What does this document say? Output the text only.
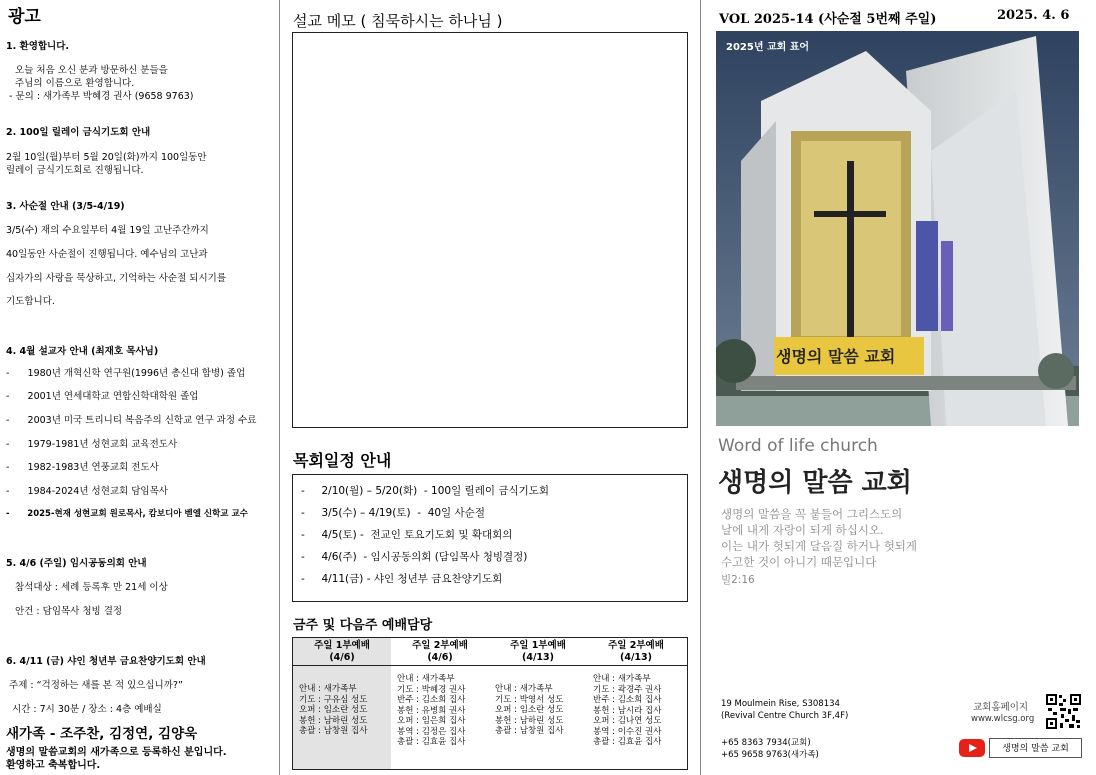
광고
1. 환영합니다.
오늘 처음 오신 분과 방문하신 분들을
주님의 이름으로 환영합니다.
- 문의 : 새가족부 박혜경 권사 (9658 9763)
2. 100일 릴레이 금식기도회 안내
2월 10일(월)부터 5월 20일(화)까지 100일동안
릴레이 금식기도회로 진행됩니다.
3. 사순절 안내 (3/5-4/19)
3/5(수) 재의 수요일부터 4월 19일 고난주간까지
40일동안 사순절이 진행됩니다. 예수님의 고난과
십자가의 사랑을 묵상하고, 기억하는 사순절 되시기를
기도합니다.
4. 4월 설교자 안내 (최재호 목사님)
-      1980년 개혁신학 연구원(1996년 총신대 합병) 졸업
-      2001년 연세대학교 연합신학대학원 졸업
-      2003년 미국 트리니티 복음주의 신학교 연구 과정 수료
-      1979-1981년 성현교회 교육전도사
-      1982-1983년 연풍교회 전도사
-      1984-2024년 성현교회 담임목사
-      2025-현재 성현교회 원로목사, 캄보디아 벧엘 신학교 교수
5. 4/6 (주일) 임시공동의회 안내
참석대상 : 세례 등록후 만 21세 이상
안건 : 담임목사 청빙 결정
6. 4/11 (금) 샤인 청년부 금요찬양기도회 안내
주제 : “걱정하는 새를 본 적 있으십니까?”
시간 : 7시 30분 / 장소 : 4층 예배실
새가족 - 조주찬, 김정연, 김양욱
생명의 말씀교회의 새가족으로 등록하신 분입니다.
환영하고 축복합니다.
설교 메모 ( 침묵하시는 하나님 )
목회일정 안내
-     2/10(월) – 5/20(화)  - 100일 릴레이 금식기도회
-     3/5(수) – 4/19(토)  -  40일 사순절
-     4/5(토) -  전교인 토요기도회 및 확대회의
-     4/6(주)  - 임시공동의회 (담임목사 청빙결정)
-     4/11(금) - 샤인 청년부 금요찬양기도회
금주 및 다음주 예배담당
주일 1부예배
(4/6)
주일 2부예배
(4/6)
주일 1부예배
(4/13)
주일 2부예배
(4/13)
안내 : 새가족부
기도 : 구유심 성도
오퍼 : 임소란 성도
봉헌 : 남하린 성도
총괄 : 남창원 집사
안내 : 새가족부
기도 : 박혜경 권사
반주 : 김소희 집사
봉헌 : 유병희 권사
오퍼 : 임은희 집사
봉역 : 김정은 집사
총괄 : 김효윤 집사
안내 : 새가족부
기도 : 박영서 성도
오퍼 : 임소란 성도
봉헌 : 남하린 성도
총괄 : 남창원 집사
안내 : 새가족부
기도 : 곽경주 권사
반주 : 김소희 집사
봉헌 : 남시라 집사
오퍼 : 김나연 성도
봉역 : 이수진 권사
총괄 : 김효윤 집사
VOL 2025-14 (사순절 5번째 주일)	2025. 4. 6
2025년 교회 표어
생명의 말씀 교회
Word of life church
생명의 말씀 교회
생명의 말씀을 꼭 붙들어 그리스도의
날에 내게 자랑이 되게 하십시오.
이는 내가 헛되게 달음질 하거나 헛되게
수고한 것이 아니기 때문입니다
빌2:16
19 Moulmein Rise, S308134
(Revival Centre Church 3F,4F)
+65 8363 7934(교회)
+65 9658 9763(새가족)
교회홈페이지
www.wlcsg.org
생명의 말씀 교회
